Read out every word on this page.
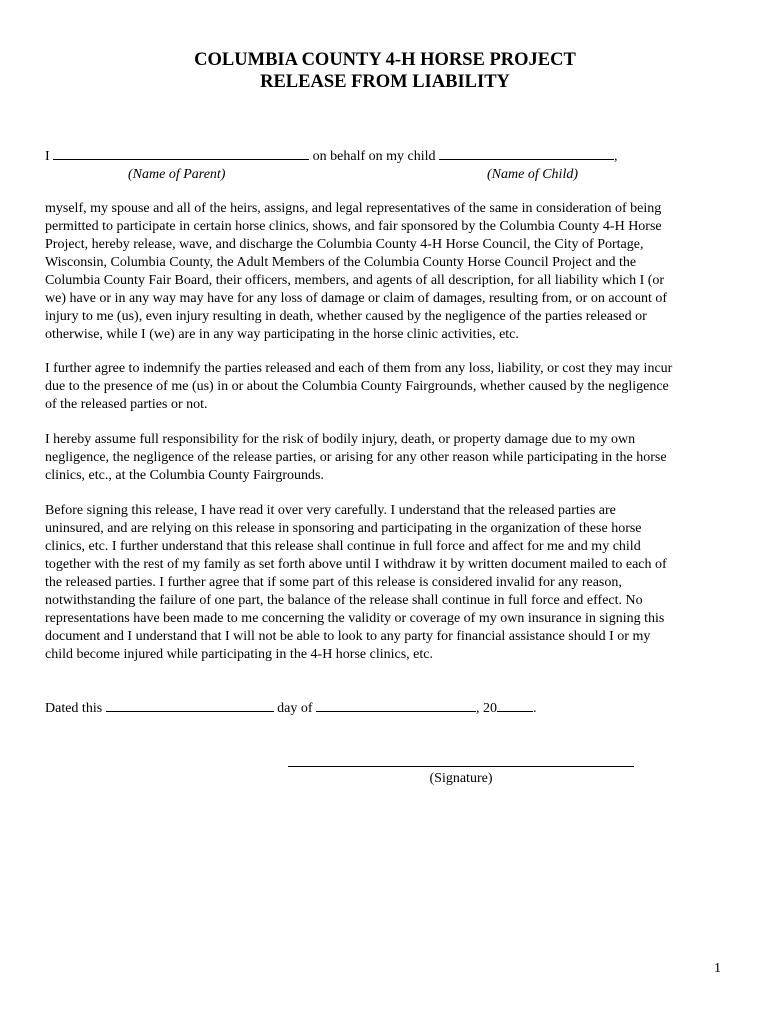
COLUMBIA COUNTY 4-H HORSE PROJECT
RELEASE FROM LIABILITY
I	on behalf on my child	,
(Name of Parent)	(Name of Child)

myself, my spouse and all of the heirs, assigns, and legal representatives of the same in consideration of being
permitted to participate in certain horse clinics, shows, and fair sponsored by the Columbia County 4-H Horse
Project, hereby release, wave, and discharge the Columbia County 4-H Horse Council, the City of Portage,
Wisconsin, Columbia County, the Adult Members of the Columbia County Horse Council Project and the
Columbia County Fair Board, their officers, members, and agents of all description, for all liability which I (or
we) have or in any way may have for any loss of damage or claim of damages, resulting from, or on account of
injury to me (us), even injury resulting in death, whether caused by the negligence of the parties released or
otherwise, while I (we) are in any way participating in the horse clinic activities, etc.

I further agree to indemnify the parties released and each of them from any loss, liability, or cost they may incur
due to the presence of me (us) in or about the Columbia County Fairgrounds, whether caused by the negligence
of the released parties or not.

I hereby assume full responsibility for the risk of bodily injury, death, or property damage due to my own
negligence, the negligence of the release parties, or arising for any other reason while participating in the horse
clinics, etc., at the Columbia County Fairgrounds.

Before signing this release, I have read it over very carefully. I understand that the released parties are
uninsured, and are relying on this release in sponsoring and participating in the organization of these horse
clinics, etc. I further understand that this release shall continue in full force and affect for me and my child
together with the rest of my family as set forth above until I withdraw it by written document mailed to each of
the released parties. I further agree that if some part of this release is considered invalid for any reason,
notwithstanding the failure of one part, the balance of the release shall continue in full force and effect. No
representations have been made to me concerning the validity or coverage of my own insurance in signing this
document and I understand that I will not be able to look to any party for financial assistance should I or my
child become injured while participating in the 4-H horse clinics, etc.

Dated this	day of	, 20	.
(Signature)
1
